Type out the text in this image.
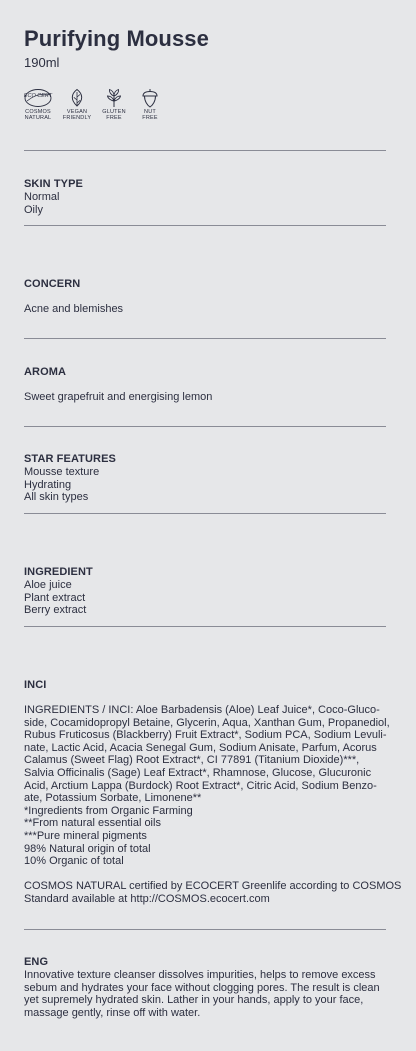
Purifying Mousse
190ml
ECO CERT
COSMOS
NATURAL
VEGAN
FRIENDLY
GLUTEN
FREE
NUT
FREE
SKIN TYPE
Normal
Oily
CONCERN
Acne and blemishes
AROMA
Sweet grapefruit and energising lemon
STAR FEATURES
Mousse texture
Hydrating
All skin types
INGREDIENT
Aloe juice
Plant extract
Berry extract
INCI
INGREDIENTS / INCI: Aloe Barbadensis (Aloe) Leaf Juice*, Coco-Gluco-
side, Cocamidopropyl Betaine, Glycerin, Aqua, Xanthan Gum, Propanediol,
Rubus Fruticosus (Blackberry) Fruit Extract*, Sodium PCA, Sodium Levuli-
nate, Lactic Acid, Acacia Senegal Gum, Sodium Anisate, Parfum, Acorus
Calamus (Sweet Flag) Root Extract*, CI 77891 (Titanium Dioxide)***,
Salvia Officinalis (Sage) Leaf Extract*, Rhamnose, Glucose, Glucuronic
Acid, Arctium Lappa (Burdock) Root Extract*, Citric Acid, Sodium Benzo-
ate, Potassium Sorbate, Limonene**
*Ingredients from Organic Farming
**From natural essential oils
***Pure mineral pigments
98% Natural origin of total
10% Organic of total
COSMOS NATURAL certified by ECOCERT Greenlife according to COSMOS
Standard available at http://COSMOS.ecocert.com
ENG
Innovative texture cleanser dissolves impurities, helps to remove excess
sebum and hydrates your face without clogging pores. The result is clean
yet supremely hydrated skin. Lather in your hands, apply to your face,
massage gently, rinse off with water.
